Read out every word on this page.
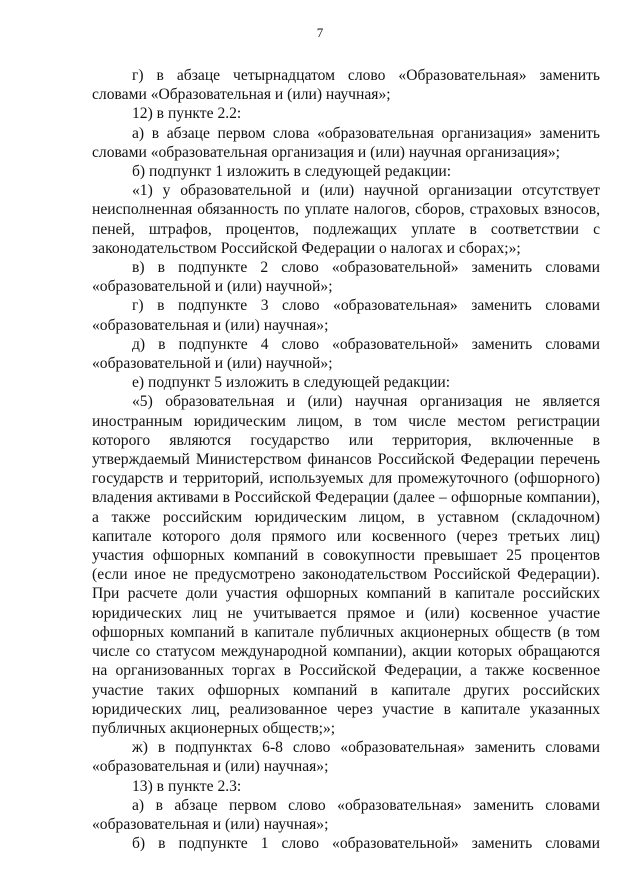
7

г) в абзаце четырнадцатом слово «Образовательная» заменить словами «Образовательная и (или) научная»;

12) в пункте 2.2:

а) в абзаце первом слова «образовательная организация» заменить словами «образовательная организация и (или) научная организация»;

б) подпункт 1 изложить в следующей редакции:

«1) у образовательной и (или) научной организации отсутствует неисполненная обязанность по уплате налогов, сборов, страховых взносов, пеней, штрафов, процентов, подлежащих уплате в соответствии с законодательством Российской Федерации о налогах и сборах;»;

в) в подпункте 2 слово «образовательной» заменить словами «образовательной и (или) научной»;

г) в подпункте 3 слово «образовательная» заменить словами «образовательная и (или) научная»;

д) в подпункте 4 слово «образовательной» заменить словами «образовательной и (или) научной»;

е) подпункт 5 изложить в следующей редакции:

«5) образовательная и (или) научная организация не является иностранным юридическим лицом, в том числе местом регистрации которого являются государство или территория, включенные в утверждаемый Министерством финансов Российской Федерации перечень государств и территорий, используемых для промежуточного (офшорного) владения активами в Российской Федерации (далее – офшорные компании), а также российским юридическим лицом, в уставном (складочном) капитале которого доля прямого или косвенного (через третьих лиц) участия офшорных компаний в совокупности превышает 25 процентов (если иное не предусмотрено законодательством Российской Федерации). При расчете доли участия офшорных компаний в капитале российских юридических лиц не учитывается прямое и (или) косвенное участие офшорных компаний в капитале публичных акционерных обществ (в том числе со статусом международной компании), акции которых обращаются на организованных торгах в Российской Федерации, а также косвенное участие таких офшорных компаний в капитале других российских юридических лиц, реализованное через участие в капитале указанных публичных акционерных обществ;»;

ж) в подпунктах 6-8 слово «образовательная» заменить словами «образовательная и (или) научная»;

13) в пункте 2.3:

а) в абзаце первом слово «образовательная» заменить словами «образовательная и (или) научная»;

б) в подпункте 1 слово «образовательной» заменить словами
